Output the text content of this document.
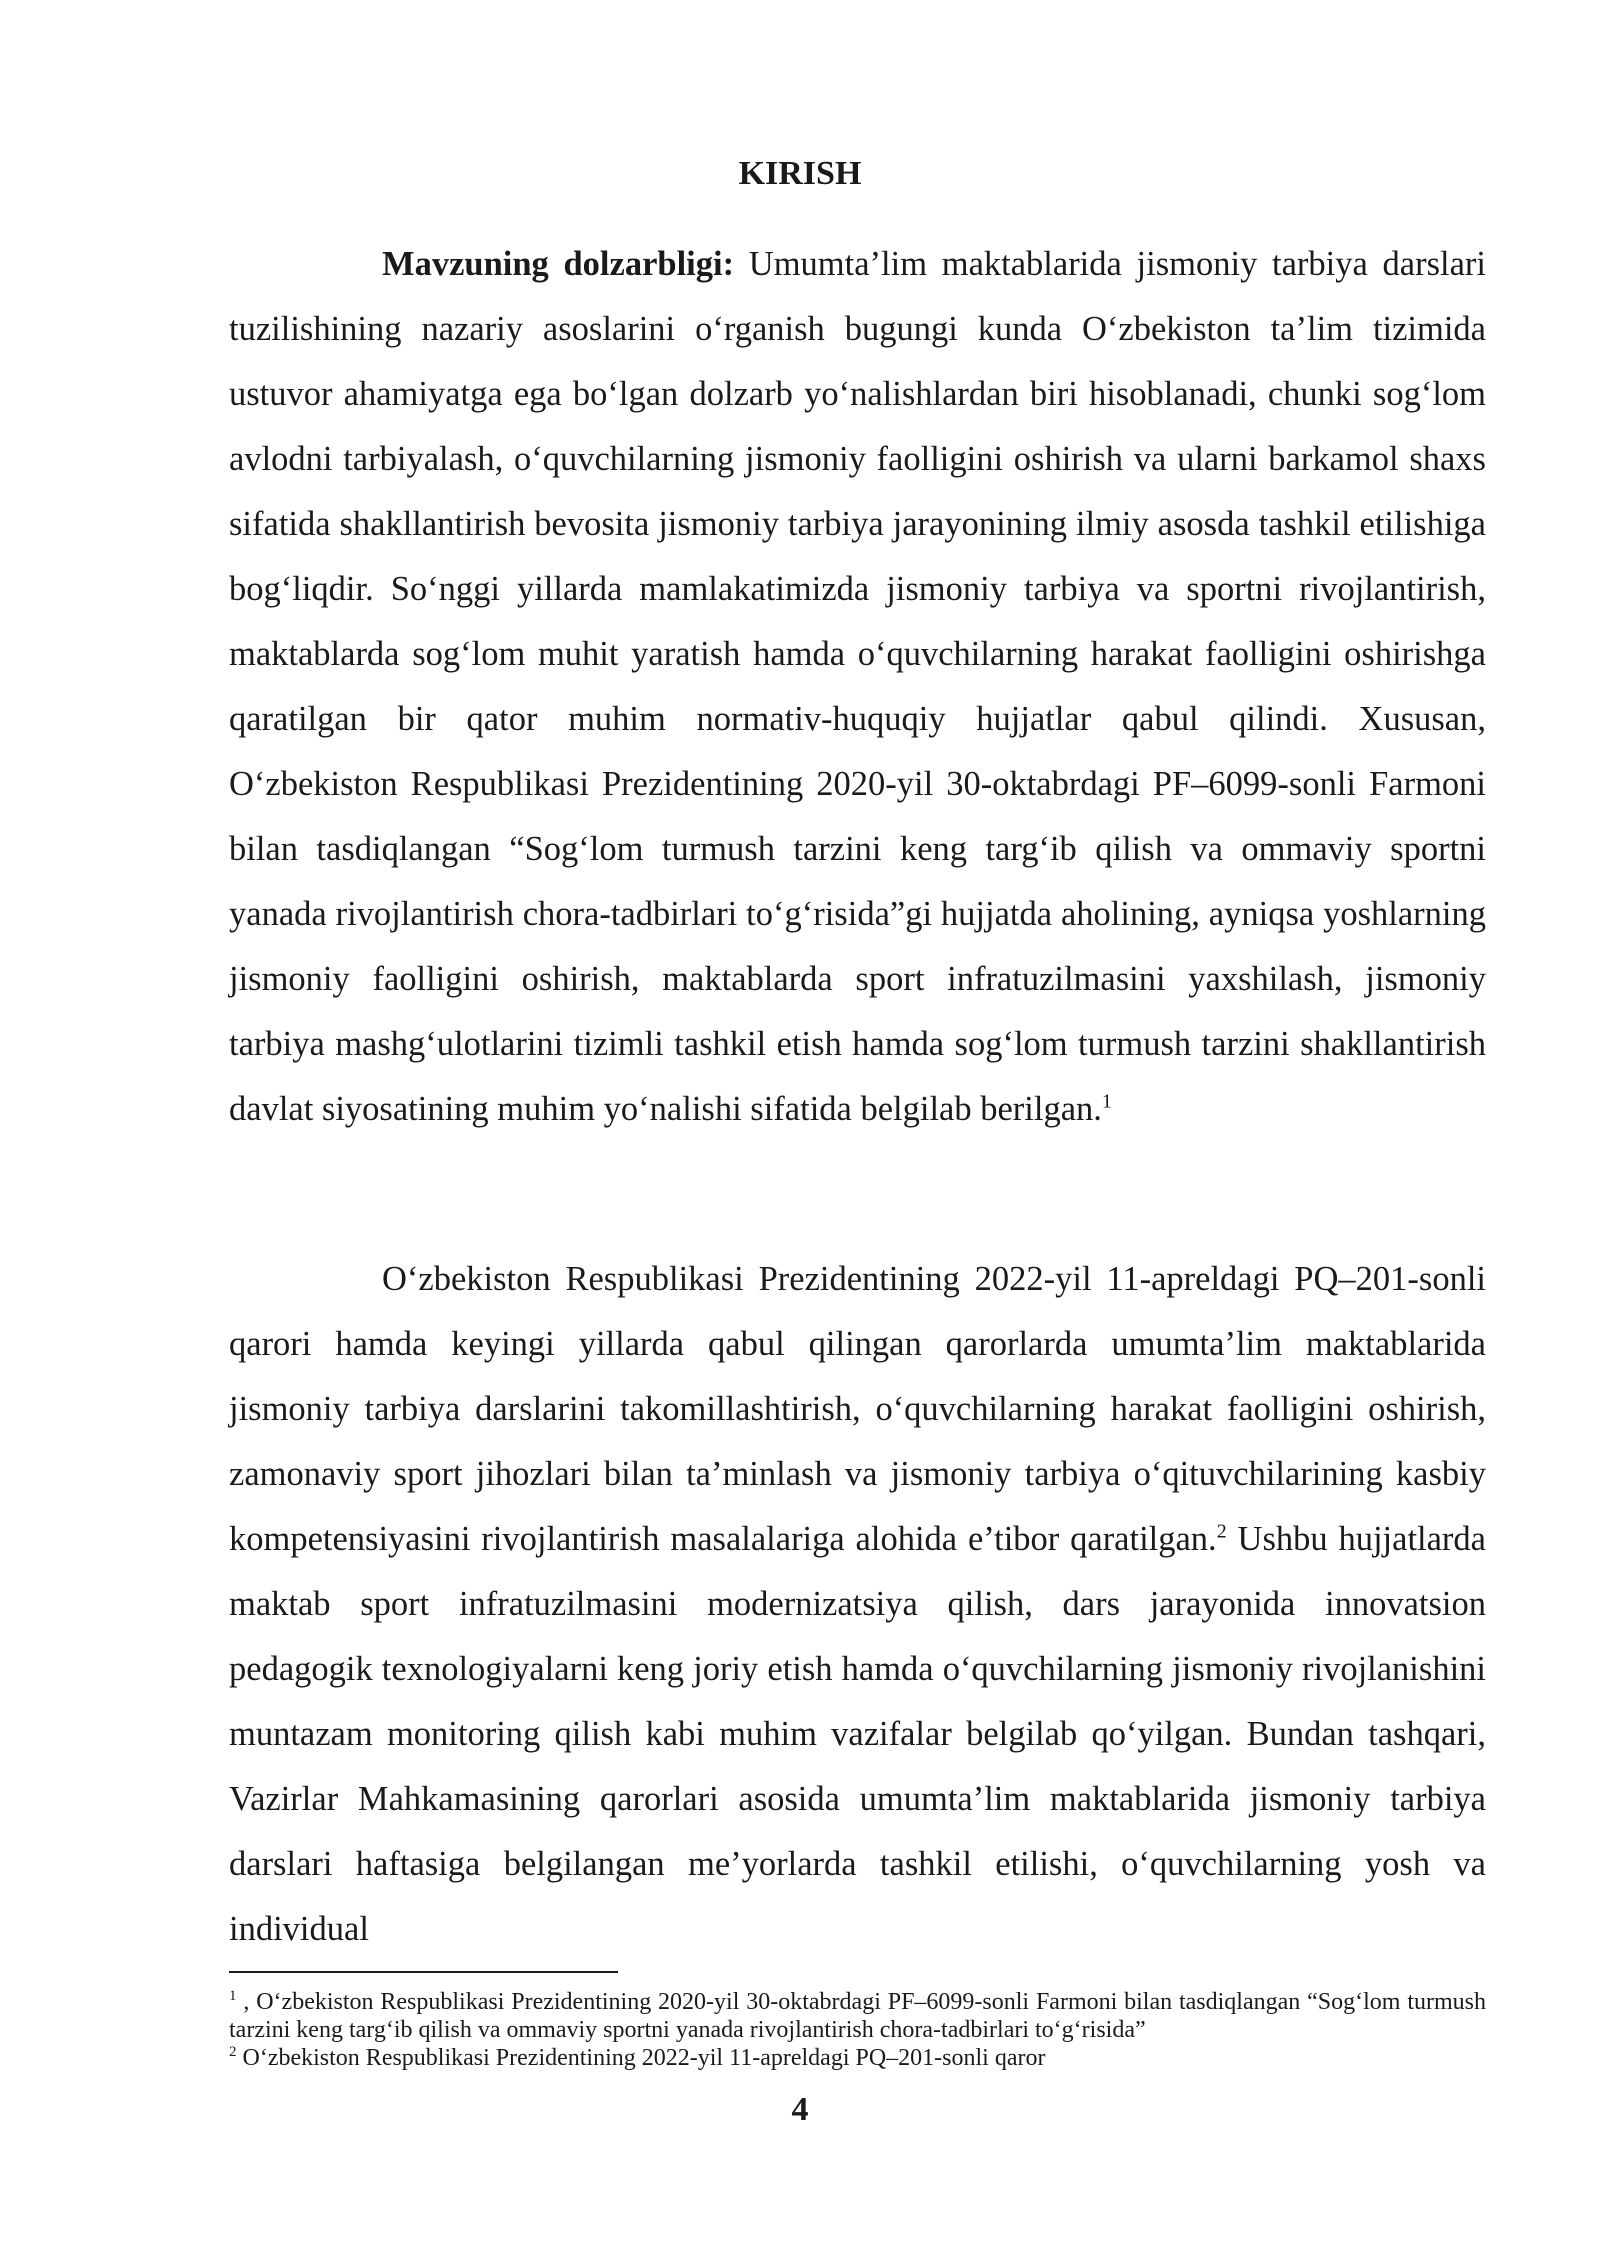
KIRISH

Mavzuning dolzarbligi: Umumta’lim maktablarida jismoniy tarbiya darslari tuzilishining nazariy asoslarini o‘rganish bugungi kunda O‘zbekiston ta’lim tizimida ustuvor ahamiyatga ega bo‘lgan dolzarb yo‘nalishlardan biri hisoblanadi, chunki sog‘lom avlodni tarbiyalash, o‘quvchilarning jismoniy faolligini oshirish va ularni barkamol shaxs sifatida shakllantirish bevosita jismoniy tarbiya jarayonining ilmiy asosda tashkil etilishiga bog‘liqdir. So‘nggi yillarda mamlakatimizda jismoniy tarbiya va sportni rivojlantirish, maktablarda sog‘lom muhit yaratish hamda o‘quvchilarning harakat faolligini oshirishga qaratilgan bir qator muhim normativ-huquqiy hujjatlar qabul qilindi. Xususan, O‘zbekiston Respublikasi Prezidentining 2020-yil 30-oktabrdagi PF–6099-sonli Farmoni bilan tasdiqlangan “Sog‘lom turmush tarzini keng targ‘ib qilish va ommaviy sportni yanada rivojlantirish chora-tadbirlari to‘g‘risida”gi hujjatda aholining, ayniqsa yoshlarning jismoniy faolligini oshirish, maktablarda sport infratuzilmasini yaxshilash, jismoniy tarbiya mashg‘ulotlarini tizimli tashkil etish hamda sog‘lom turmush tarzini shakllantirish davlat siyosatining muhim yo‘nalishi sifatida belgilab berilgan.$^1$

O‘zbekiston Respublikasi Prezidentining 2022-yil 11-apreldagi PQ–201-sonli qarori hamda keyingi yillarda qabul qilingan qarorlarda umumta’lim maktablarida jismoniy tarbiya darslarini takomillashtirish, o‘quvchilarning harakat faolligini oshirish, zamonaviy sport jihozlari bilan ta’minlash va jismoniy tarbiya o‘qituvchilarining kasbiy kompetensiyasini rivojlantirish masalalariga alohida e’tibor qaratilgan.$^2$ Ushbu hujjatlarda maktab sport infratuzilmasini modernizatsiya qilish, dars jarayonida innovatsion pedagogik texnologiyalarni keng joriy etish hamda o‘quvchilarning jismoniy rivojlanishini muntazam monitoring qilish kabi muhim vazifalar belgilab qo‘yilgan. Bundan tashqari, Vazirlar Mahkamasining qarorlari asosida umumta’lim maktablarida jismoniy tarbiya darslari haftasiga belgilangan me’yorlarda tashkil etilishi, o‘quvchilarning yosh va individual

$^1$ , O‘zbekiston Respublikasi Prezidentining 2020-yil 30-oktabrdagi PF–6099-sonli Farmoni bilan tasdiqlangan “Sog‘lom turmush tarzini keng targ‘ib qilish va ommaviy sportni yanada rivojlantirish chora-tadbirlari to‘g‘risida”

$^2$ O‘zbekiston Respublikasi Prezidentining 2022-yil 11-apreldagi PQ–201-sonli qaror

4
